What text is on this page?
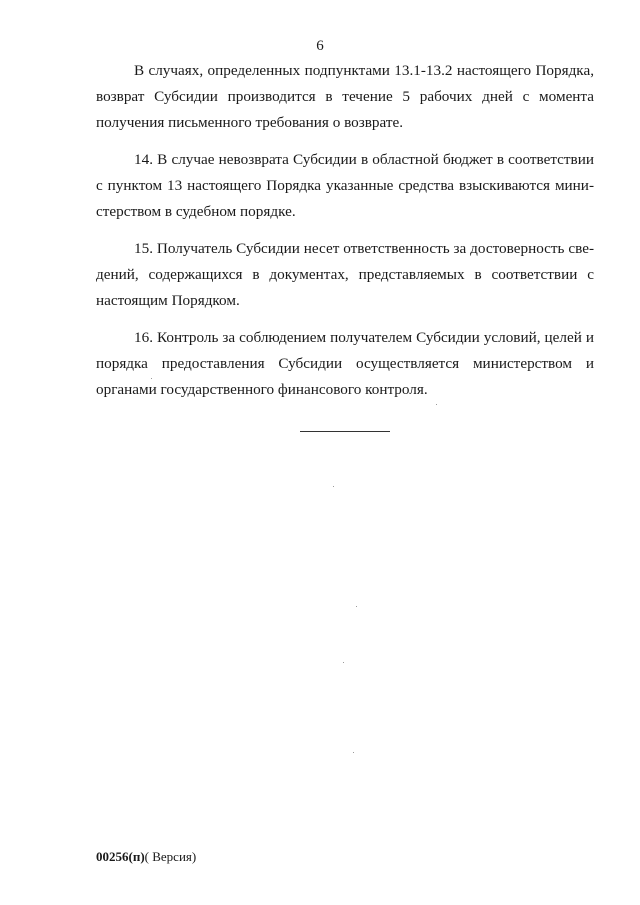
6

В случаях, определенных подпунктами 13.1-13.2 настоящего Порядка, возврат Субсидии производится в течение 5 рабочих дней с момента получения письменного требования о возврате.

14. В случае невозврата Субсидии в областной бюджет в соответствии с пунктом 13 настоящего Порядка указанные средства взыскиваются министерством в судебном порядке.

15. Получатель Субсидии несет ответственность за достоверность сведений, содержащихся в документах, представляемых в соответствии с настоящим Порядком.

16. Контроль за соблюдением получателем Субсидии условий, целей и порядка предоставления Субсидии осуществляется министерством и органами государственного финансового контроля.

00256(п)( Версия)
